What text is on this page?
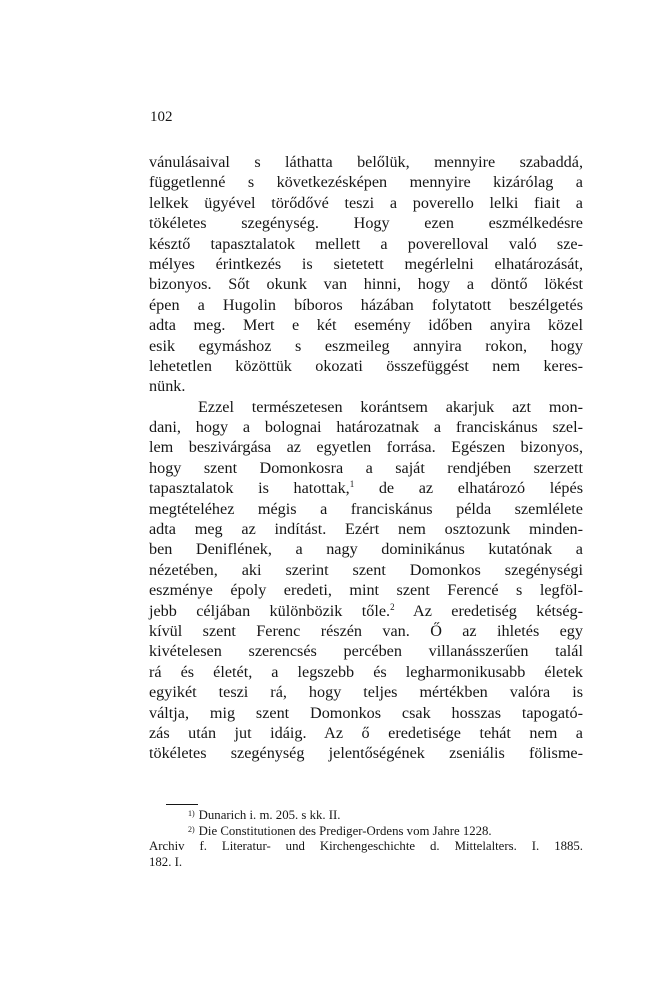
102

vánulásaival s láthatta belőlük, mennyire szabaddá,

függetlenné s következésképen mennyire kizárólag a

lelkek ügyével törődővé teszi a poverello lelki fiait a

tökéletes szegénység. Hogy ezen eszmélkedésre

késztő tapasztalatok mellett a poverelloval való sze-

mélyes érintkezés is sietetett megérlelni elhatározását,

bizonyos. Sőt okunk van hinni, hogy a döntő lökést

épen a Hugolin bíboros házában folytatott beszélgetés

adta meg. Mert e két esemény időben anyira közel

esik egymáshoz s eszmeileg annyira rokon, hogy

lehetetlen közöttük okozati összefüggést nem keres-

nünk.

Ezzel természetesen korántsem akarjuk azt mon-

dani, hogy a bolognai határozatnak a franciskánus szel-

lem beszivárgása az egyetlen forrása. Egészen bizonyos,

hogy szent Domonkosra a saját rendjében szerzett

tapasztalatok is hatottak,$^1$ de az elhatározó lépés

megtételéhez mégis a franciskánus példa szemlélete

adta meg az indítást. Ezért nem osztozunk minden-

ben Deniflének, a nagy dominikánus kutatónak a

nézetében, aki szerint szent Domonkos szegénységi

eszménye époly eredeti, mint szent Ferencé s legföl-

jebb céljában különbözik tőle.$^2$ Az eredetiség kétség-

kívül szent Ferenc részén van. Ő az ihletés egy

kivételesen szerencsés percében villanásszerűen talál

rá és életét, a legszebb és legharmonikusabb életek

egyikét teszi rá, hogy teljes mértékben valóra is

váltja, mig szent Domonkos csak hosszas tapogató-

zás után jut idáig. Az ő eredetisége tehát nem a

tökéletes szegénység jelentőségének zseniális fölisme-

$^{1)}$ Dunarich i. m. 205. s kk. II.

$^{2)}$ Die Constitutionen des Prediger-Ordens vom Jahre 1228.

Archiv f. Literatur- und Kirchengeschichte d. Mittelalters. I. 1885.

182. I.
